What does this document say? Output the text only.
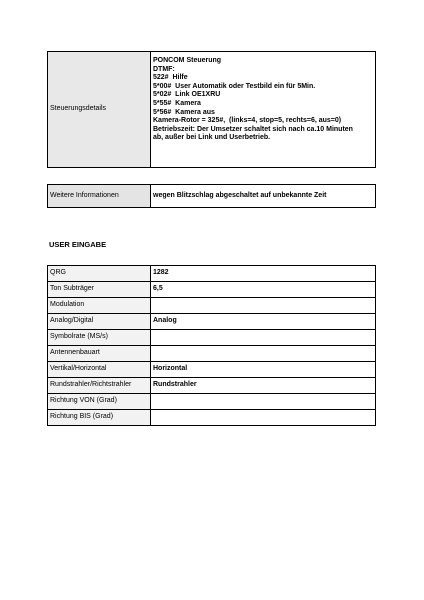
Steuerungsdetails	
PONCOM Steuerung
DTMF:
522#  Hilfe
5*00#  User Automatik oder Testbild ein für 5Min.
5*02#  Link OE1XRU
5*55#  Kamera
5*56#  Kamera aus
Kamera-Rotor = 325#,  (links=4, stop=5, rechts=6, aus=0)
Betriebszeit: Der Umsetzer schaltet sich nach ca.10 Minuten
ab, außer bei Link und Userbetrieb.
Weitere Informationen	wegen Blitzschlag abgeschaltet auf unbekannte Zeit
USER EINGABE
QRG	1282
Ton Subträger	6,5
Modulation	
Analog/Digital	Analog
Symbolrate (MS/s)	
Antennenbauart	
Vertikal/Horizontal	Horizontal
Rundstrahler/Richtstrahler	Rundstrahler
Richtung VON (Grad)	
Richtung BIS (Grad)	
